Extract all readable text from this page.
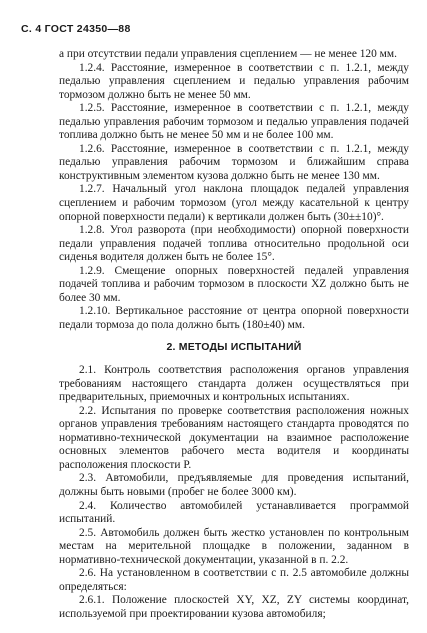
С. 4 ГОСТ 24350—88

а при отсутствии педали управления сцеплением — не менее 120 мм.

1.2.4. Расстояние, измеренное в соответствии с п. 1.2.1, между педалью управления сцеплением и педалью управления рабочим тормозом должно быть не менее 50 мм.

1.2.5. Расстояние, измеренное в соответствии с п. 1.2.1, между педалью управления рабочим тормозом и педалью управления подачей топлива должно быть не менее 50 мм и не более 100 мм.

1.2.6. Расстояние, измеренное в соответствии с п. 1.2.1, между педалью управления рабочим тормозом и ближайшим справа конструктивным элементом кузова должно быть не менее 130 мм.

1.2.7. Начальный угол наклона площадок педалей управления сцеплением и рабочим тормозом (угол между касательной к центру опорной поверхности педали) к вертикали должен быть (30±±10)°.

1.2.8. Угол разворота (при необходимости) опорной поверхности педали управления подачей топлива относительно продольной оси сиденья водителя должен быть не более 15°.

1.2.9. Смещение опорных поверхностей педалей управления подачей топлива и рабочим тормозом в плоскости XZ должно быть не более 30 мм.

1.2.10. Вертикальное расстояние от центра опорной поверхности педали тормоза до пола должно быть (180±40) мм.

2. МЕТОДЫ ИСПЫТАНИЙ

2.1. Контроль соответствия расположения органов управления требованиям настоящего стандарта должен осуществляться при предварительных, приемочных и контрольных испытаниях.

2.2. Испытания по проверке соответствия расположения ножных органов управления требованиям настоящего стандарта проводятся по нормативно-технической документации на взаимное расположение основных элементов рабочего места водителя и координаты расположения плоскости P.

2.3. Автомобили, предъявляемые для проведения испытаний, должны быть новыми (пробег не более 3000 км).

2.4. Количество автомобилей устанавливается программой испытаний.

2.5. Автомобиль должен быть жестко установлен по контрольным местам на мерительной площадке в положении, заданном в нормативно-технической документации, указанной в п. 2.2.

2.6. На установленном в соответствии с п. 2.5 автомобиле должны определяться:

2.6.1. Положение плоскостей XY, XZ, ZY системы координат, используемой при проектировании кузова автомобиля;
